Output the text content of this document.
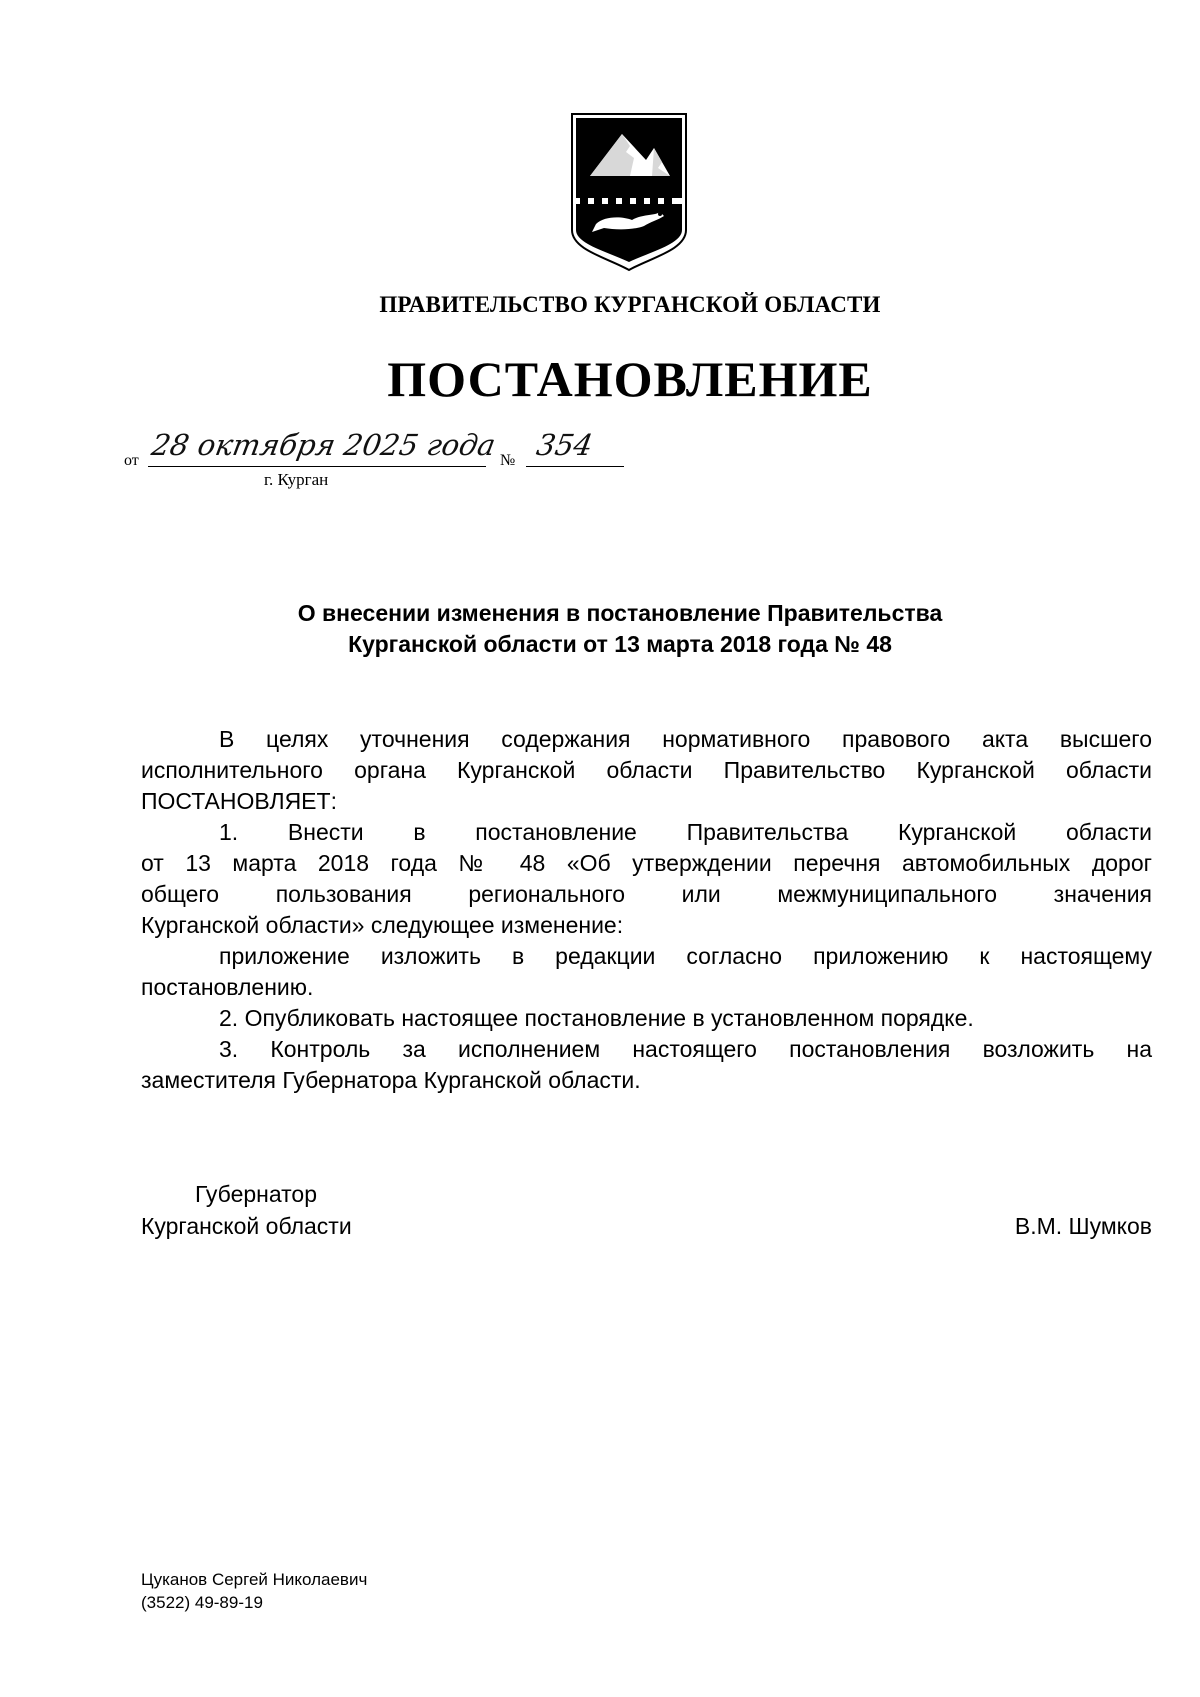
ПРАВИТЕЛЬСТВО КУРГАНСКОЙ ОБЛАСТИ
ПОСТАНОВЛЕНИЕ
от 28 октября 2025 года № 354
г. Курган
О внесении изменения в постановление Правительства
Курганской области от 13 марта 2018 года № 48

В целях уточнения содержания нормативного правового акта высшего

исполнительного органа Курганской области Правительство Курганской области

ПОСТАНОВЛЯЕТ:

1. Внести в постановление Правительства Курганской области

от 13 марта 2018 года № 48 «Об утверждении перечня автомобильных дорог

общего пользования регионального или межмуниципального значения

Курганской области» следующее изменение:

приложение изложить в редакции согласно приложению к настоящему

постановлению.

2. Опубликовать настоящее постановление в установленном порядке.

3. Контроль за исполнением настоящего постановления возложить на

заместителя Губернатора Курганской области.

Губернатор
Курганской области	В.М. Шумков
Цуканов Сергей Николаевич
(3522) 49-89-19
